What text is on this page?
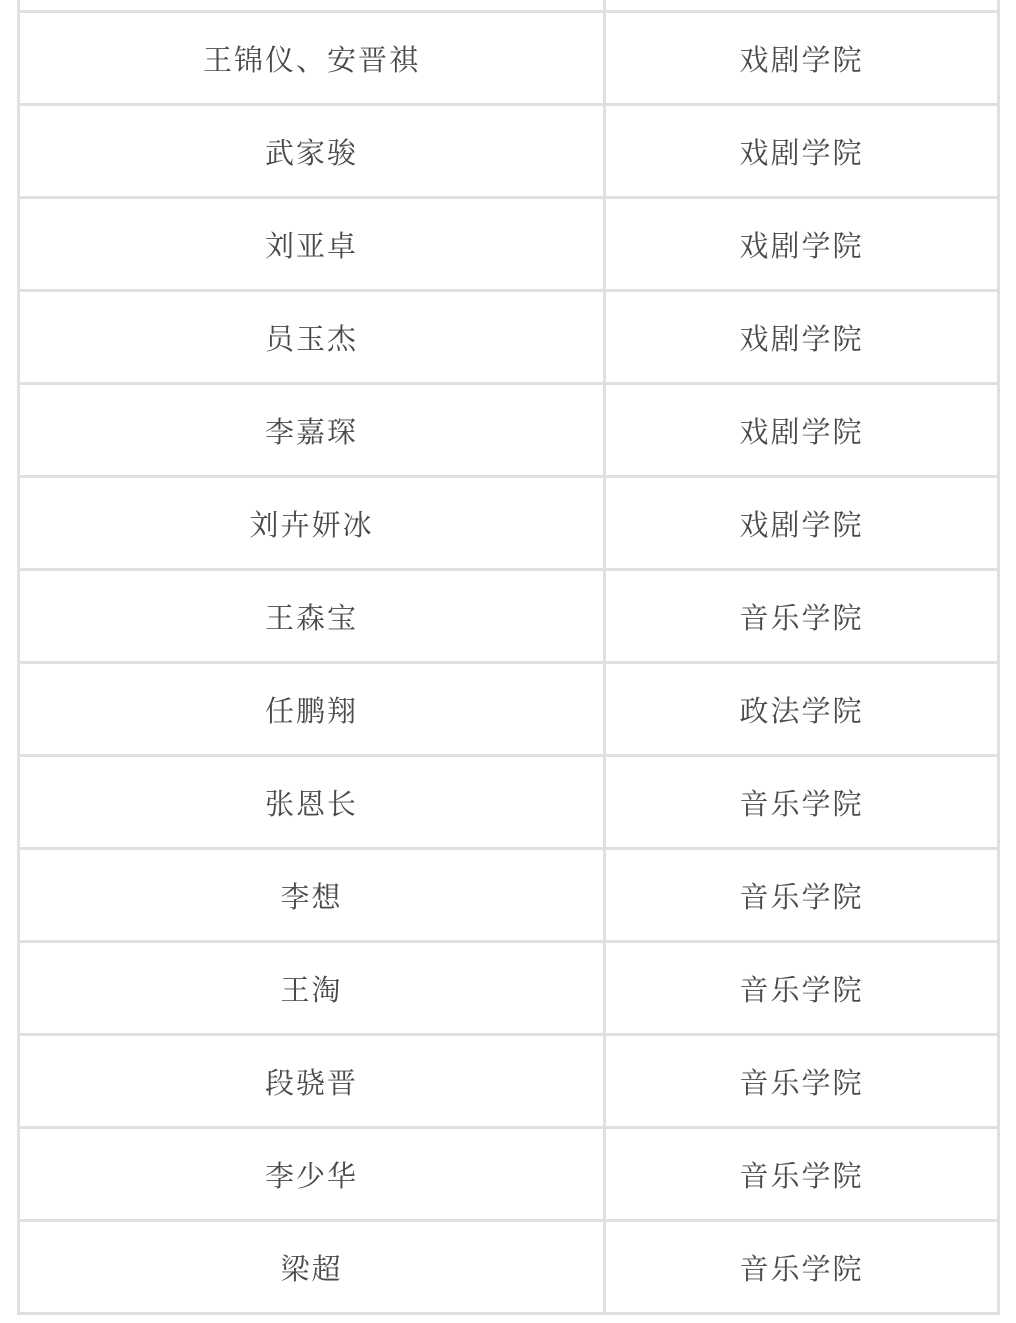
王锦仪、安晋祺	戏剧学院
武家骏	戏剧学院
刘亚卓	戏剧学院
员玉杰	戏剧学院
李嘉琛	戏剧学院
刘卉妍冰	戏剧学院
王森宝	音乐学院
任鹏翔	政法学院
张恩长	音乐学院
李想	音乐学院
王淘	音乐学院
段骁晋	音乐学院
李少华	音乐学院
梁超	音乐学院
